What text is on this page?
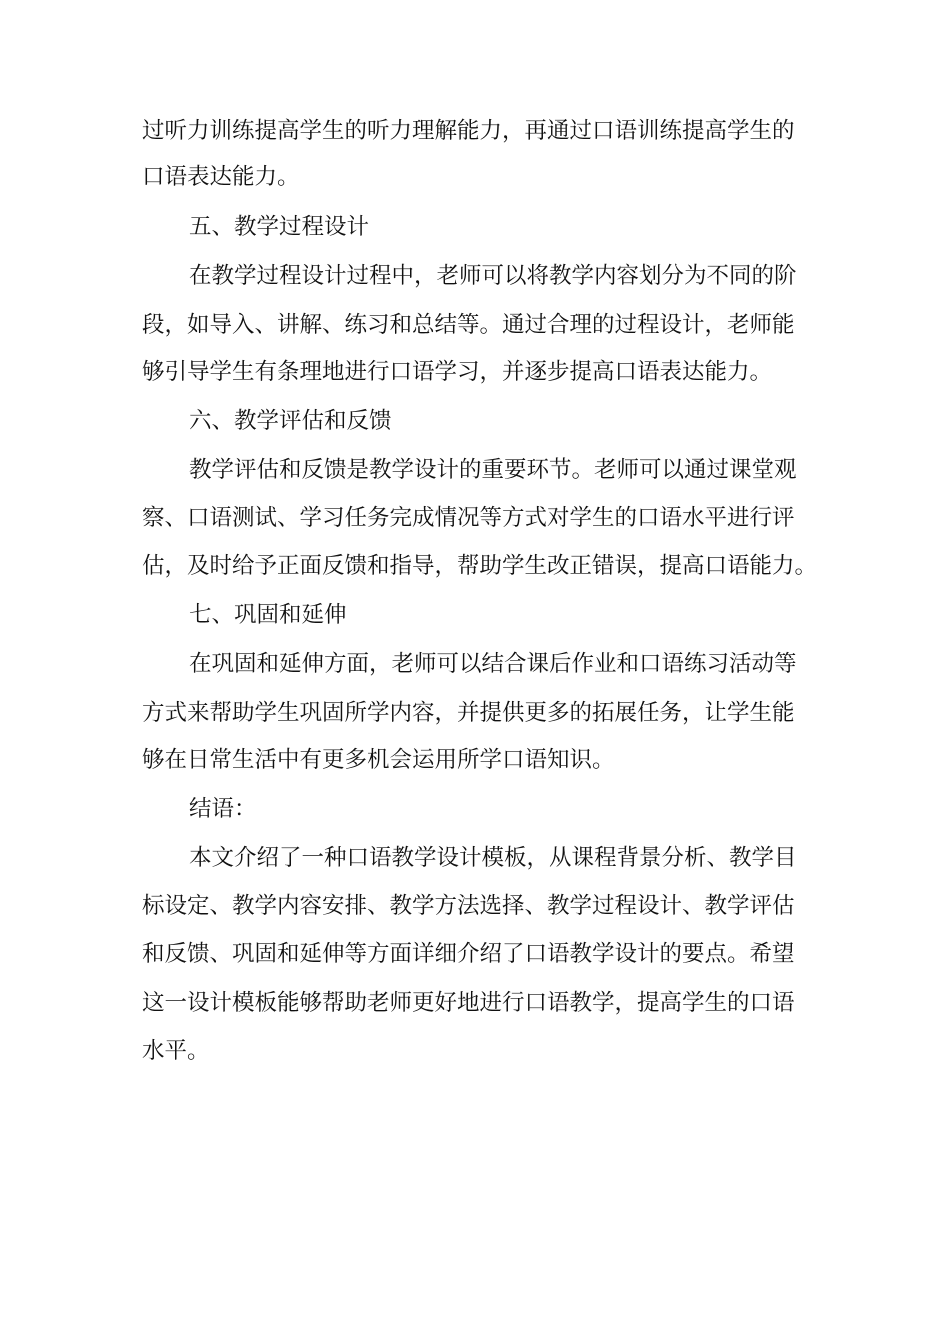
过听力训练提高学生的听力理解能力，再通过口语训练提高学生的

口语表达能力。

五、教学过程设计

在教学过程设计过程中，老师可以将教学内容划分为不同的阶

段，如导入、讲解、练习和总结等。通过合理的过程设计，老师能

够引导学生有条理地进行口语学习，并逐步提高口语表达能力。

六、教学评估和反馈

教学评估和反馈是教学设计的重要环节。老师可以通过课堂观

察、口语测试、学习任务完成情况等方式对学生的口语水平进行评

估，及时给予正面反馈和指导，帮助学生改正错误，提高口语能力。

七、巩固和延伸

在巩固和延伸方面，老师可以结合课后作业和口语练习活动等

方式来帮助学生巩固所学内容，并提供更多的拓展任务，让学生能

够在日常生活中有更多机会运用所学口语知识。

结语：

本文介绍了一种口语教学设计模板，从课程背景分析、教学目

标设定、教学内容安排、教学方法选择、教学过程设计、教学评估

和反馈、巩固和延伸等方面详细介绍了口语教学设计的要点。希望

这一设计模板能够帮助老师更好地进行口语教学，提高学生的口语

水平。
